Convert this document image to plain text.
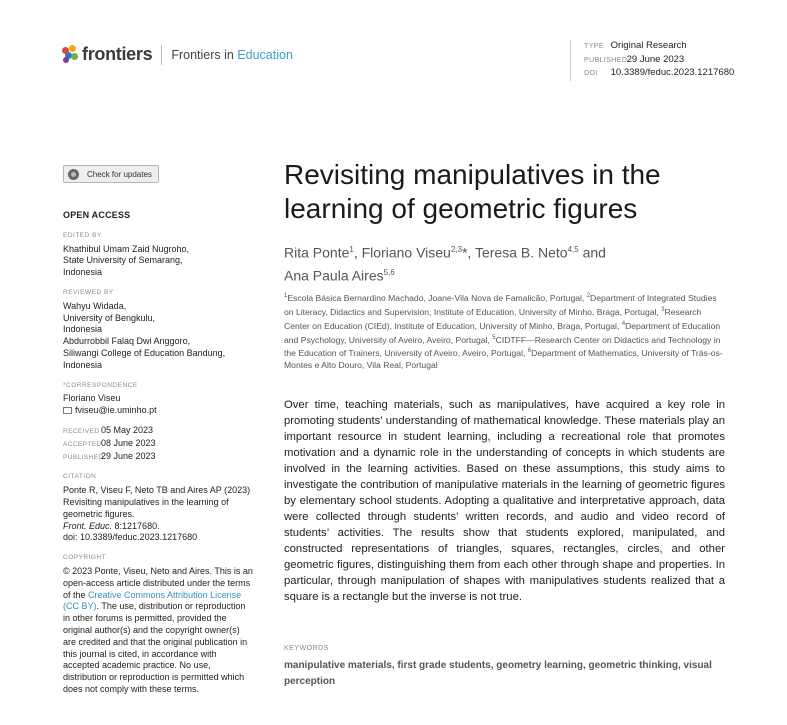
frontiers Frontiers in Education
TYPE Original Research
PUBLISHED 29 June 2023
DOI 10.3389/feduc.2023.1217680
Check for updates
OPEN ACCESS
EDITED BY
Khathibul Umam Zaid Nugroho,
State University of Semarang,
Indonesia
REVIEWED BY
Wahyu Widada,
University of Bengkulu,
Indonesia
Abdurrobbil Falaq Dwi Anggoro,
Siliwangi College of Education Bandung,
Indonesia
*CORRESPONDENCE
Floriano Viseu
fviseu@ie.uminho.pt
RECEIVED 05 May 2023
ACCEPTED08 June 2023
PUBLISHED29 June 2023
CITATION
Ponte R, Viseu F, Neto TB and Aires AP (2023)
Revisiting manipulatives in the learning of
geometric figures.
Front. Educ. 8:1217680.
doi: 10.3389/feduc.2023.1217680
COPYRIGHT
© 2023 Ponte, Viseu, Neto and Aires. This is an
open-access article distributed under the terms
of the Creative Commons Attribution License
(CC BY). The use, distribution or reproduction
in other forums is permitted, provided the
original author(s) and the copyright owner(s)
are credited and that the original publication in
this journal is cited, in accordance with
accepted academic practice. No use,
distribution or reproduction is permitted which
does not comply with these terms.
Revisiting manipulatives in the
learning of geometric figures
Rita Ponte$^1$, Floriano Viseu$^{2,3}$*, Teresa B. Neto$^{4,5}$ and
Ana Paula Aires$^{5,6}$
$^1$Escola Básica Bernardino Machado, Joane-Vila Nova de Famalicão, Portugal, $^2$Department of Integrated Studies on Literacy, Didactics and Supervision, Institute of Education, University of Minho, Braga, Portugal, $^3$Research Center on Education (CIEd), Institute of Education, University of Minho, Braga, Portugal, $^4$Department of Education and Psychology, University of Aveiro, Aveiro, Portugal, $^5$CIDTFF—Research Center on Didactics and Technology in the Education of Trainers, University of Aveiro, Aveiro, Portugal, $^6$Department of Mathematics, University of Trás-os-Montes e Alto Douro, Vila Real, Portugal

Over time, teaching materials, such as manipulatives, have acquired a key role in promoting students’ understanding of mathematical knowledge. These materials play an important resource in student learning, including a recreational role that promotes motivation and a dynamic role in the understanding of concepts in which students are involved in the learning activities. Based on these assumptions, this study aims to investigate the contribution of manipulative materials in the learning of geometric figures by elementary school students. Adopting a qualitative and interpretative approach, data were collected through students’ written records, and audio and video record of students’ activities. The results show that students explored, manipulated, and constructed representations of triangles, squares, rectangles, circles, and other geometric figures, distinguishing them from each other through shape and properties. In particular, through manipulation of shapes with manipulatives students realized that a square is a rectangle but the inverse is not true.

KEYWORDS
manipulative materials, first grade students, geometry learning, geometric thinking, visual perception
